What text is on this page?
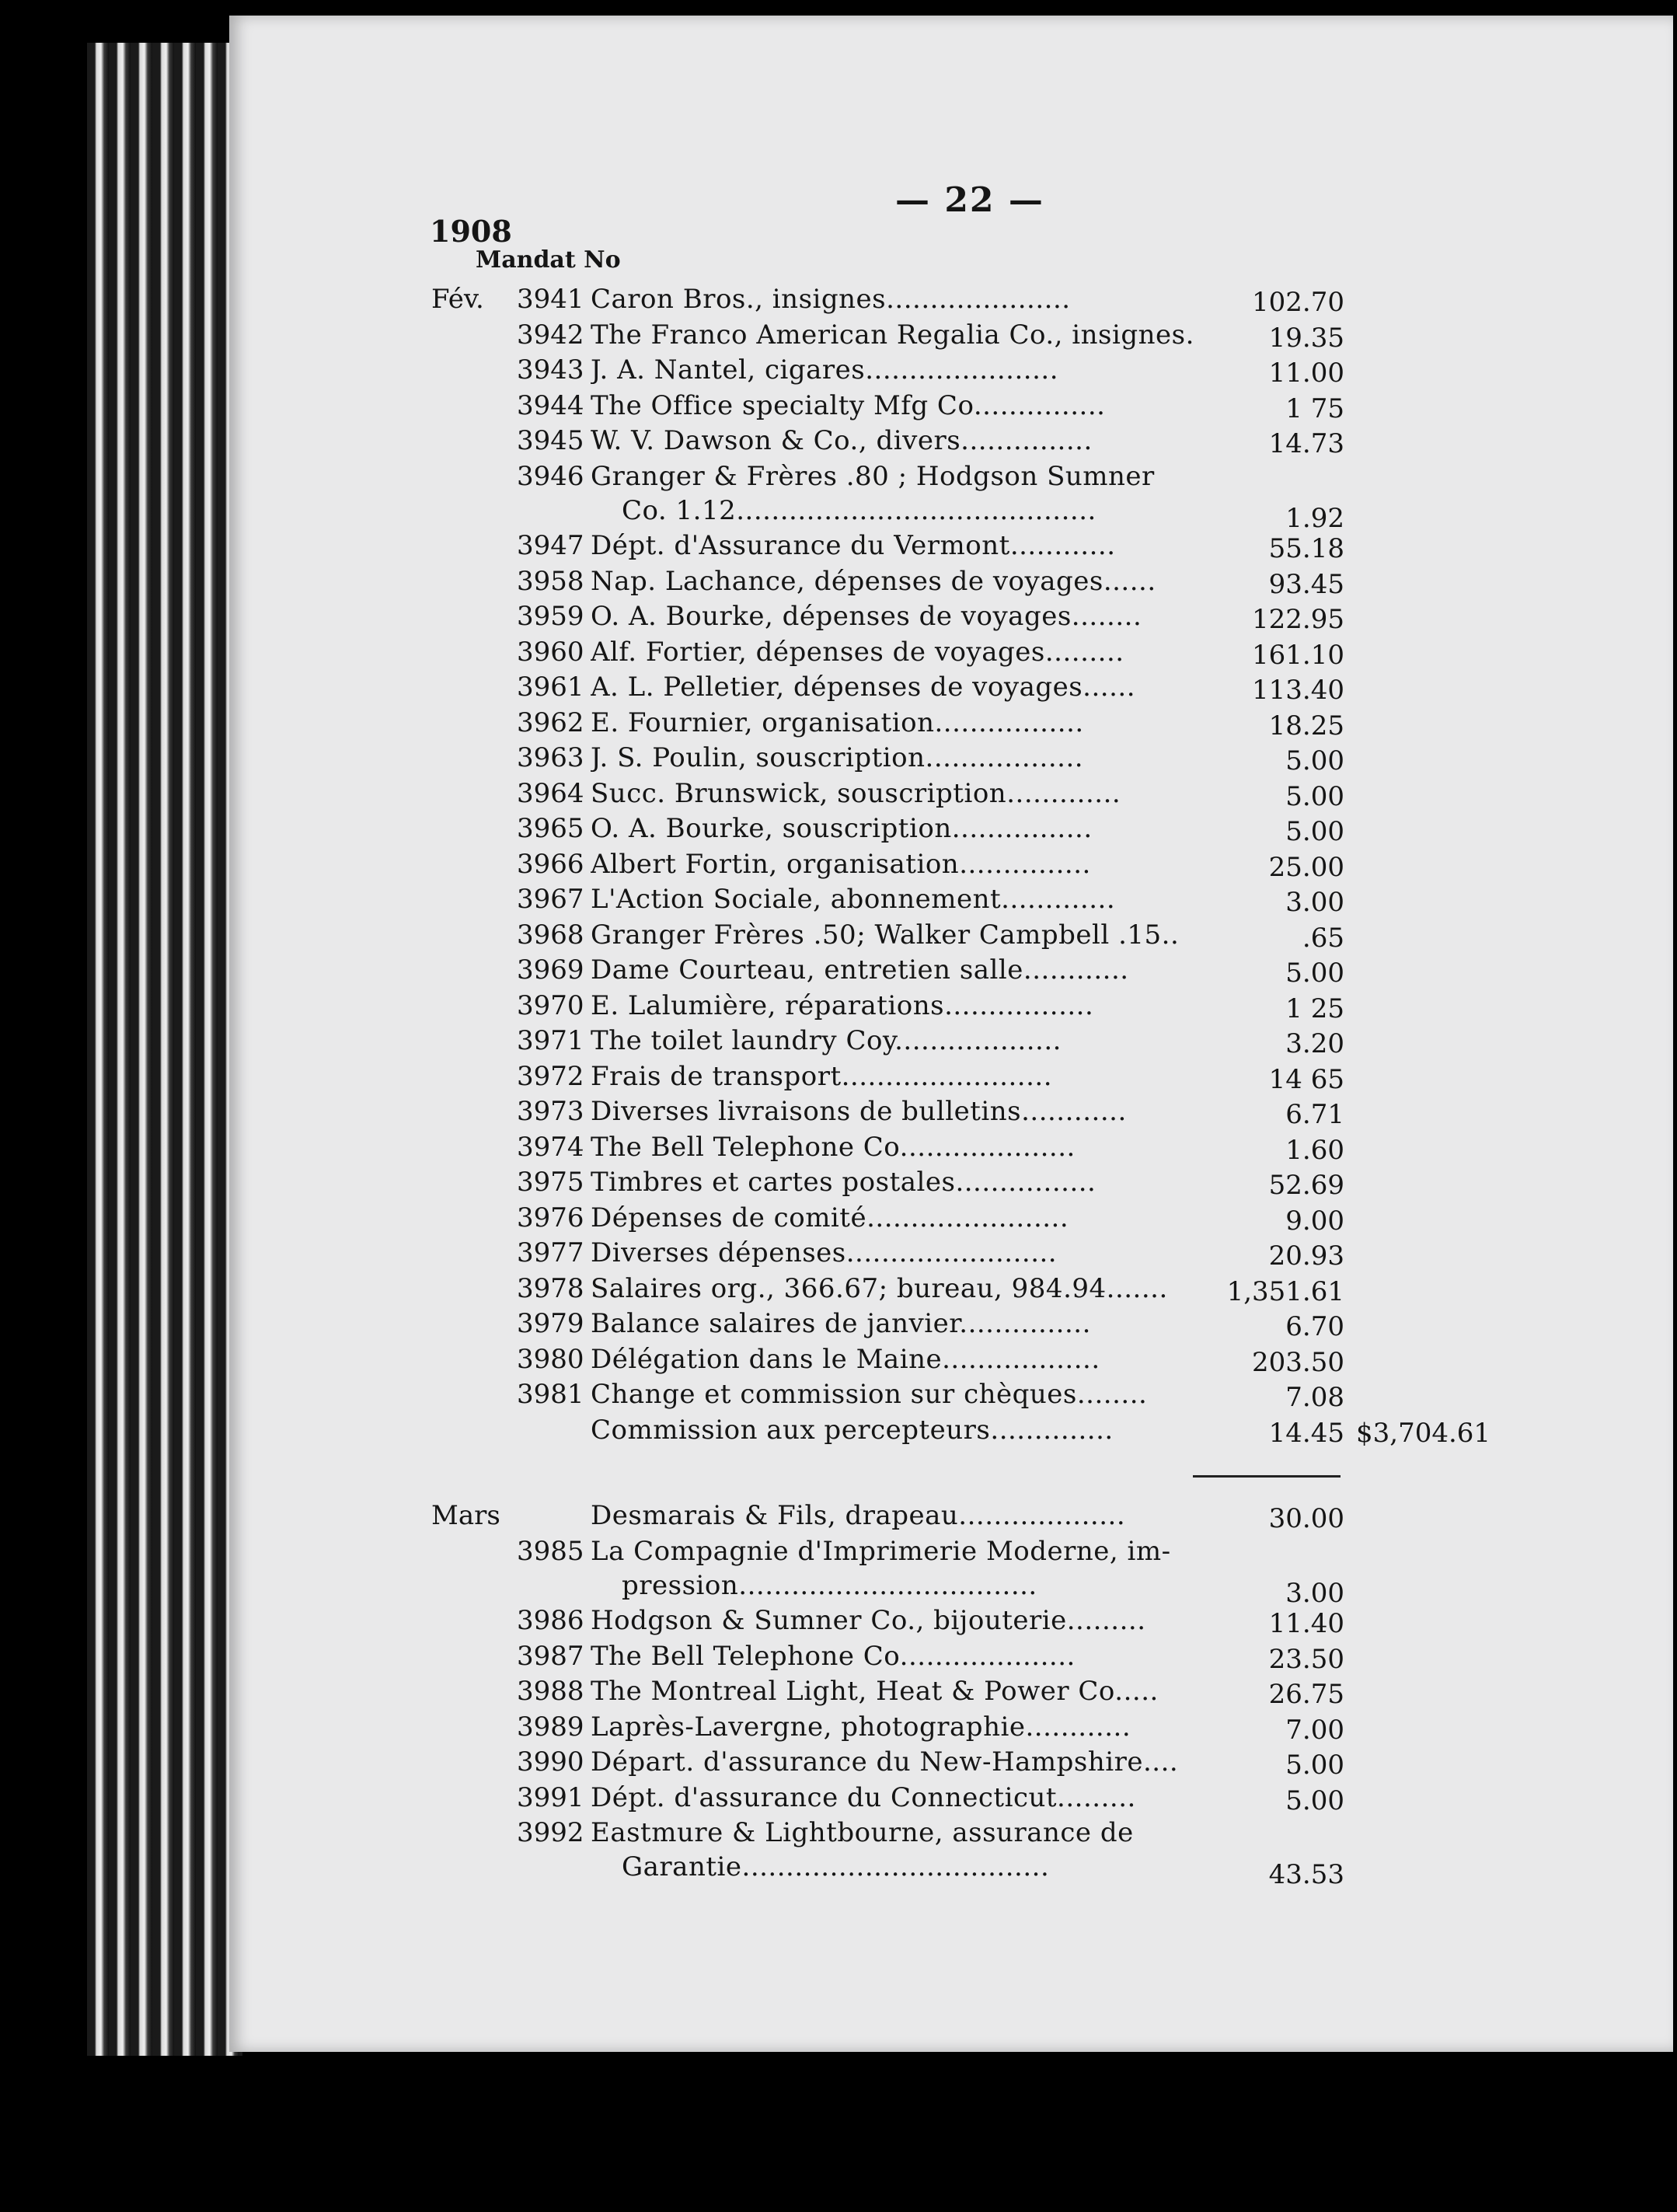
— 22 —
1908
Mandat No
Fév. 3941 Caron Bros., insignes.....................	102.70
3942 The Franco American Regalia Co., insignes.	19.35
3943 J. A. Nantel, cigares......................	11.00
3944 The Office specialty Mfg Co...............	1 75
3945 W. V. Dawson & Co., divers...............	14.73
3946 Granger & Frères .80 ; Hodgson Sumner
Co. 1.12.........................................	1.92
3947 Dépt. d'Assurance du Vermont............	55.18
3958 Nap. Lachance, dépenses de voyages......	93.45
3959 O. A. Bourke, dépenses de voyages........	122.95
3960 Alf. Fortier, dépenses de voyages.........	161.10
3961 A. L. Pelletier, dépenses de voyages......	113.40
3962 E. Fournier, organisation.................	18.25
3963 J. S. Poulin, souscription..................	5.00
3964 Succ. Brunswick, souscription.............	5.00
3965 O. A. Bourke, souscription................	5.00
3966 Albert Fortin, organisation...............	25.00
3967 L'Action Sociale, abonnement.............	3.00
3968 Granger Frères .50; Walker Campbell .15..	.65
3969 Dame Courteau, entretien salle............	5.00
3970 E. Lalumière, réparations.................	1 25
3971 The toilet laundry Coy...................	3.20
3972 Frais de transport........................	14 65
3973 Diverses livraisons de bulletins............	6.71
3974 The Bell Telephone Co....................	1.60
3975 Timbres et cartes postales................	52.69
3976 Dépenses de comité.......................	9.00
3977 Diverses dépenses........................	20.93
3978 Salaires org., 366.67; bureau, 984.94.......	1,351.61
3979 Balance salaires de janvier...............	6.70
3980 Délégation dans le Maine..................	203.50
3981 Change et commission sur chèques........	7.08
Commission aux percepteurs..............	14.45 $3,704.61
Mars	Desmarais & Fils, drapeau...................	30.00
3985 La Compagnie d'Imprimerie Moderne, im-
pression..................................	3.00
3986 Hodgson & Sumner Co., bijouterie.........	11.40
3987 The Bell Telephone Co....................	23.50
3988 The Montreal Light, Heat & Power Co.....	26.75
3989 Laprès-Lavergne, photographie............	7.00
3990 Départ. d'assurance du New-Hampshire....	5.00
3991 Dépt. d'assurance du Connecticut.........	5.00
3992 Eastmure & Lightbourne, assurance de
Garantie...................................	43.53
